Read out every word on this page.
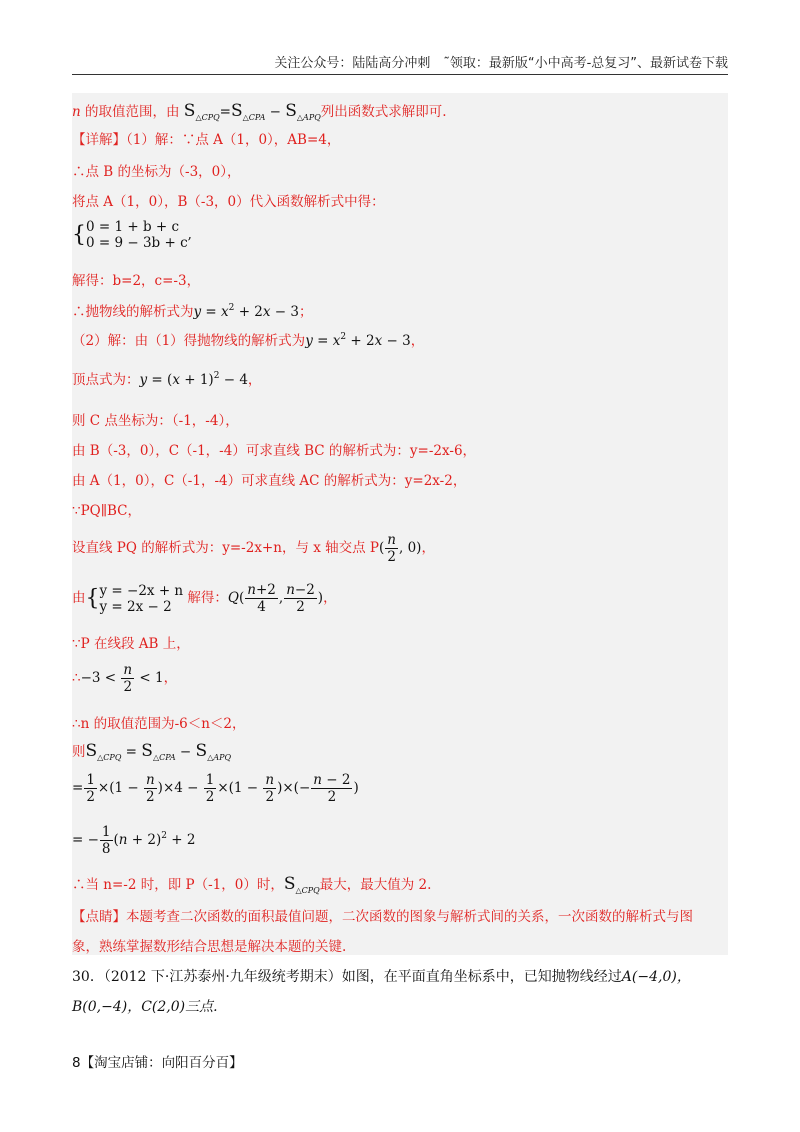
关注公众号：陆陆高分冲刺　˜领取：最新版“小中高考-总复习”、最新试卷下载
n 的取值范围，由 $S_{\triangle CPQ}=S_{\triangle CPA} - S_{\triangle APQ}$列出函数式求解即可.
【详解】（1）解：∵点 A（1，0），AB=4，
∴点 B 的坐标为（-3，0），
将点 A（1，0），B（-3，0）代入函数解析式中得：
{ 0 = 1 + b + c
0 = 9 − 3b + c
,
解得：b=2，c=-3，
∴抛物线的解析式为$y = x^2 + 2x - 3$；
（2）解：由（1）得抛物线的解析式为$y = x^2 + 2x - 3$，
顶点式为：$y = (x + 1)^2 - 4$，
则 C 点坐标为：（-1，-4），
由 B（-3，0），C（-1，-4）可求直线 BC 的解析式为：y=-2x-6，
由 A（1，0），C（-1，-4）可求直线 AC 的解析式为：y=2x-2，
∵PQ∥BC，
设直线 PQ 的解析式为：y=-2x+n，与 x 轴交点 $P( \frac{n}{2}$ , 0)，
由{ y = −2x + n
y = 2x − 2
解得：$Q( \frac{n+2}{4}$ , $\frac{n-2}{2}$ )，
∵P 在线段 AB 上，
∴−3 < $\frac{n}{2} < 1$，
∴n 的取值范围为-6＜n＜2，
则$S_{\triangle CPQ} = S_{\triangle CPA} - S_{\triangle APQ}$
= $\frac{1}{2} \times(1 - \frac{n}{2} )\times 4 - \frac{1}{2} \times(1 - \frac{n}{2}$ )×(− $\frac{n - 2}{2}$ )
= − $\frac{1}{8} (n + 2)^2 + 2$
∴当 n=-2 时，即 P（-1，0）时，$S_{\triangle CPQ}$最大，最大值为 2.
【点睛】本题考查二次函数的面积最值问题，二次函数的图象与解析式间的关系，一次函数的解析式与图
象，熟练掌握数形结合思想是解决本题的关键.
30．（2012 下·江苏泰州·九年级统考期末）如图，在平面直角坐标系中，已知抛物线经过A(−4,0)，
B(0,−4)，C(2,0)三点.
8【淘宝店铺：向阳百分百】
